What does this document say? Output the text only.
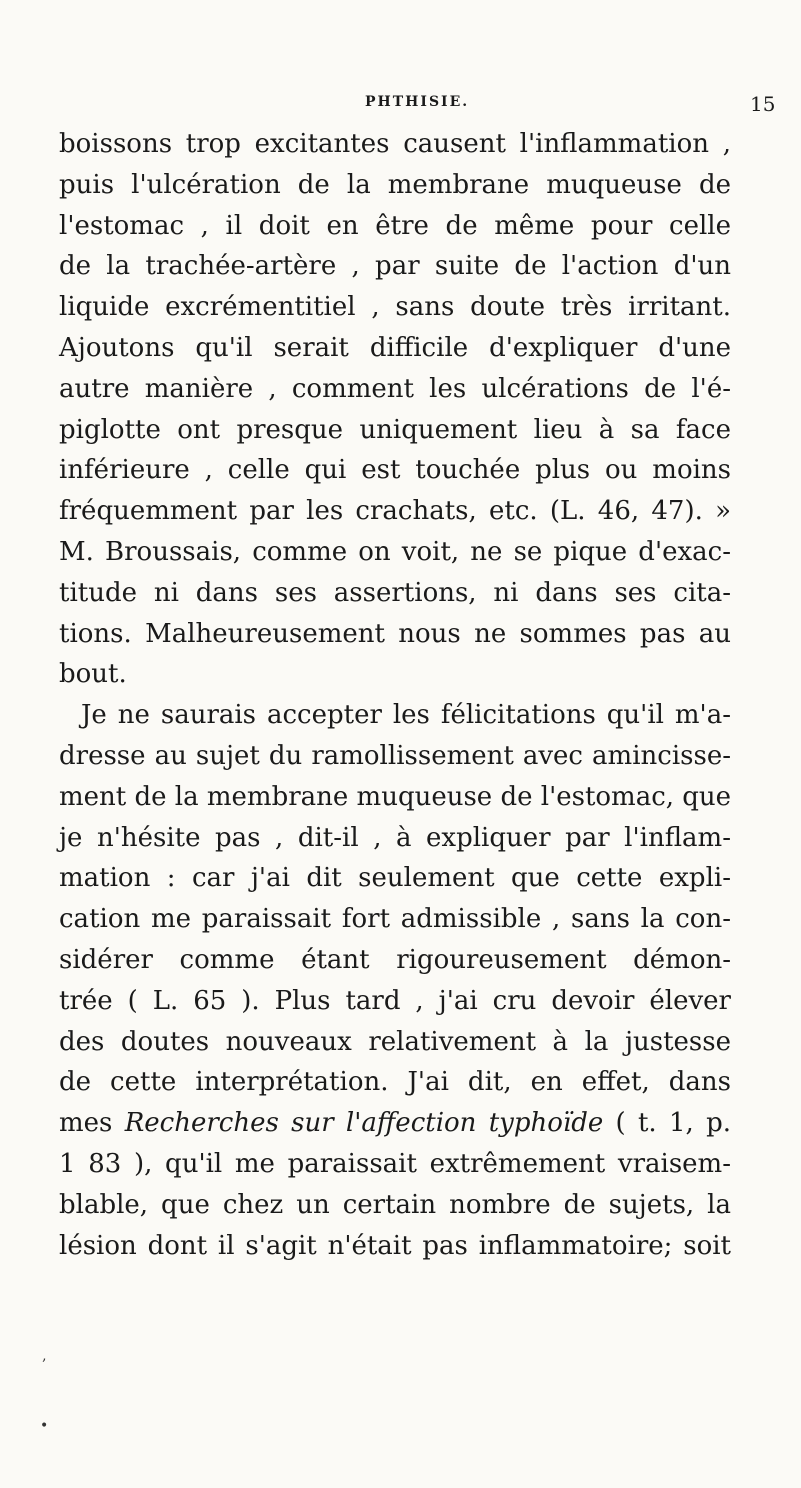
PHTHISIE.	15
boissons trop excitantes causent l'inflammation ,
puis l'ulcération de la membrane muqueuse de
l'estomac , il doit en être de même pour celle
de la trachée-artère , par suite de l'action d'un
liquide excrémentitiel , sans doute très irritant.
Ajoutons qu'il serait difficile d'expliquer d'une
autre manière , comment les ulcérations de l'é-
piglotte ont presque uniquement lieu à sa face
inférieure , celle qui est touchée plus ou moins
fréquemment par les crachats, etc. (L. 46, 47). »
M. Broussais, comme on voit, ne se pique d'exac-
titude ni dans ses assertions, ni dans ses cita-
tions. Malheureusement nous ne sommes pas au
bout.
Je ne saurais accepter les félicitations qu'il m'a-
dresse au sujet du ramollissement avec amincisse-
ment de la membrane muqueuse de l'estomac, que
je n'hésite pas , dit-il , à expliquer par l'inflam-
mation : car j'ai dit seulement que cette expli-
cation me paraissait fort admissible , sans la con-
sidérer comme étant rigoureusement démon-
trée ( L. 65 ). Plus tard , j'ai cru devoir élever
des doutes nouveaux relativement à la justesse
de cette interprétation. J'ai dit, en effet, dans
mes Recherches sur l'affection typhoïde ( t. 1, p.
1 83 ), qu'il me paraissait extrêmement vraisem-
blable, que chez un certain nombre de sujets, la
lésion dont il s'agit n'était pas inflammatoire; soit
‚
•
